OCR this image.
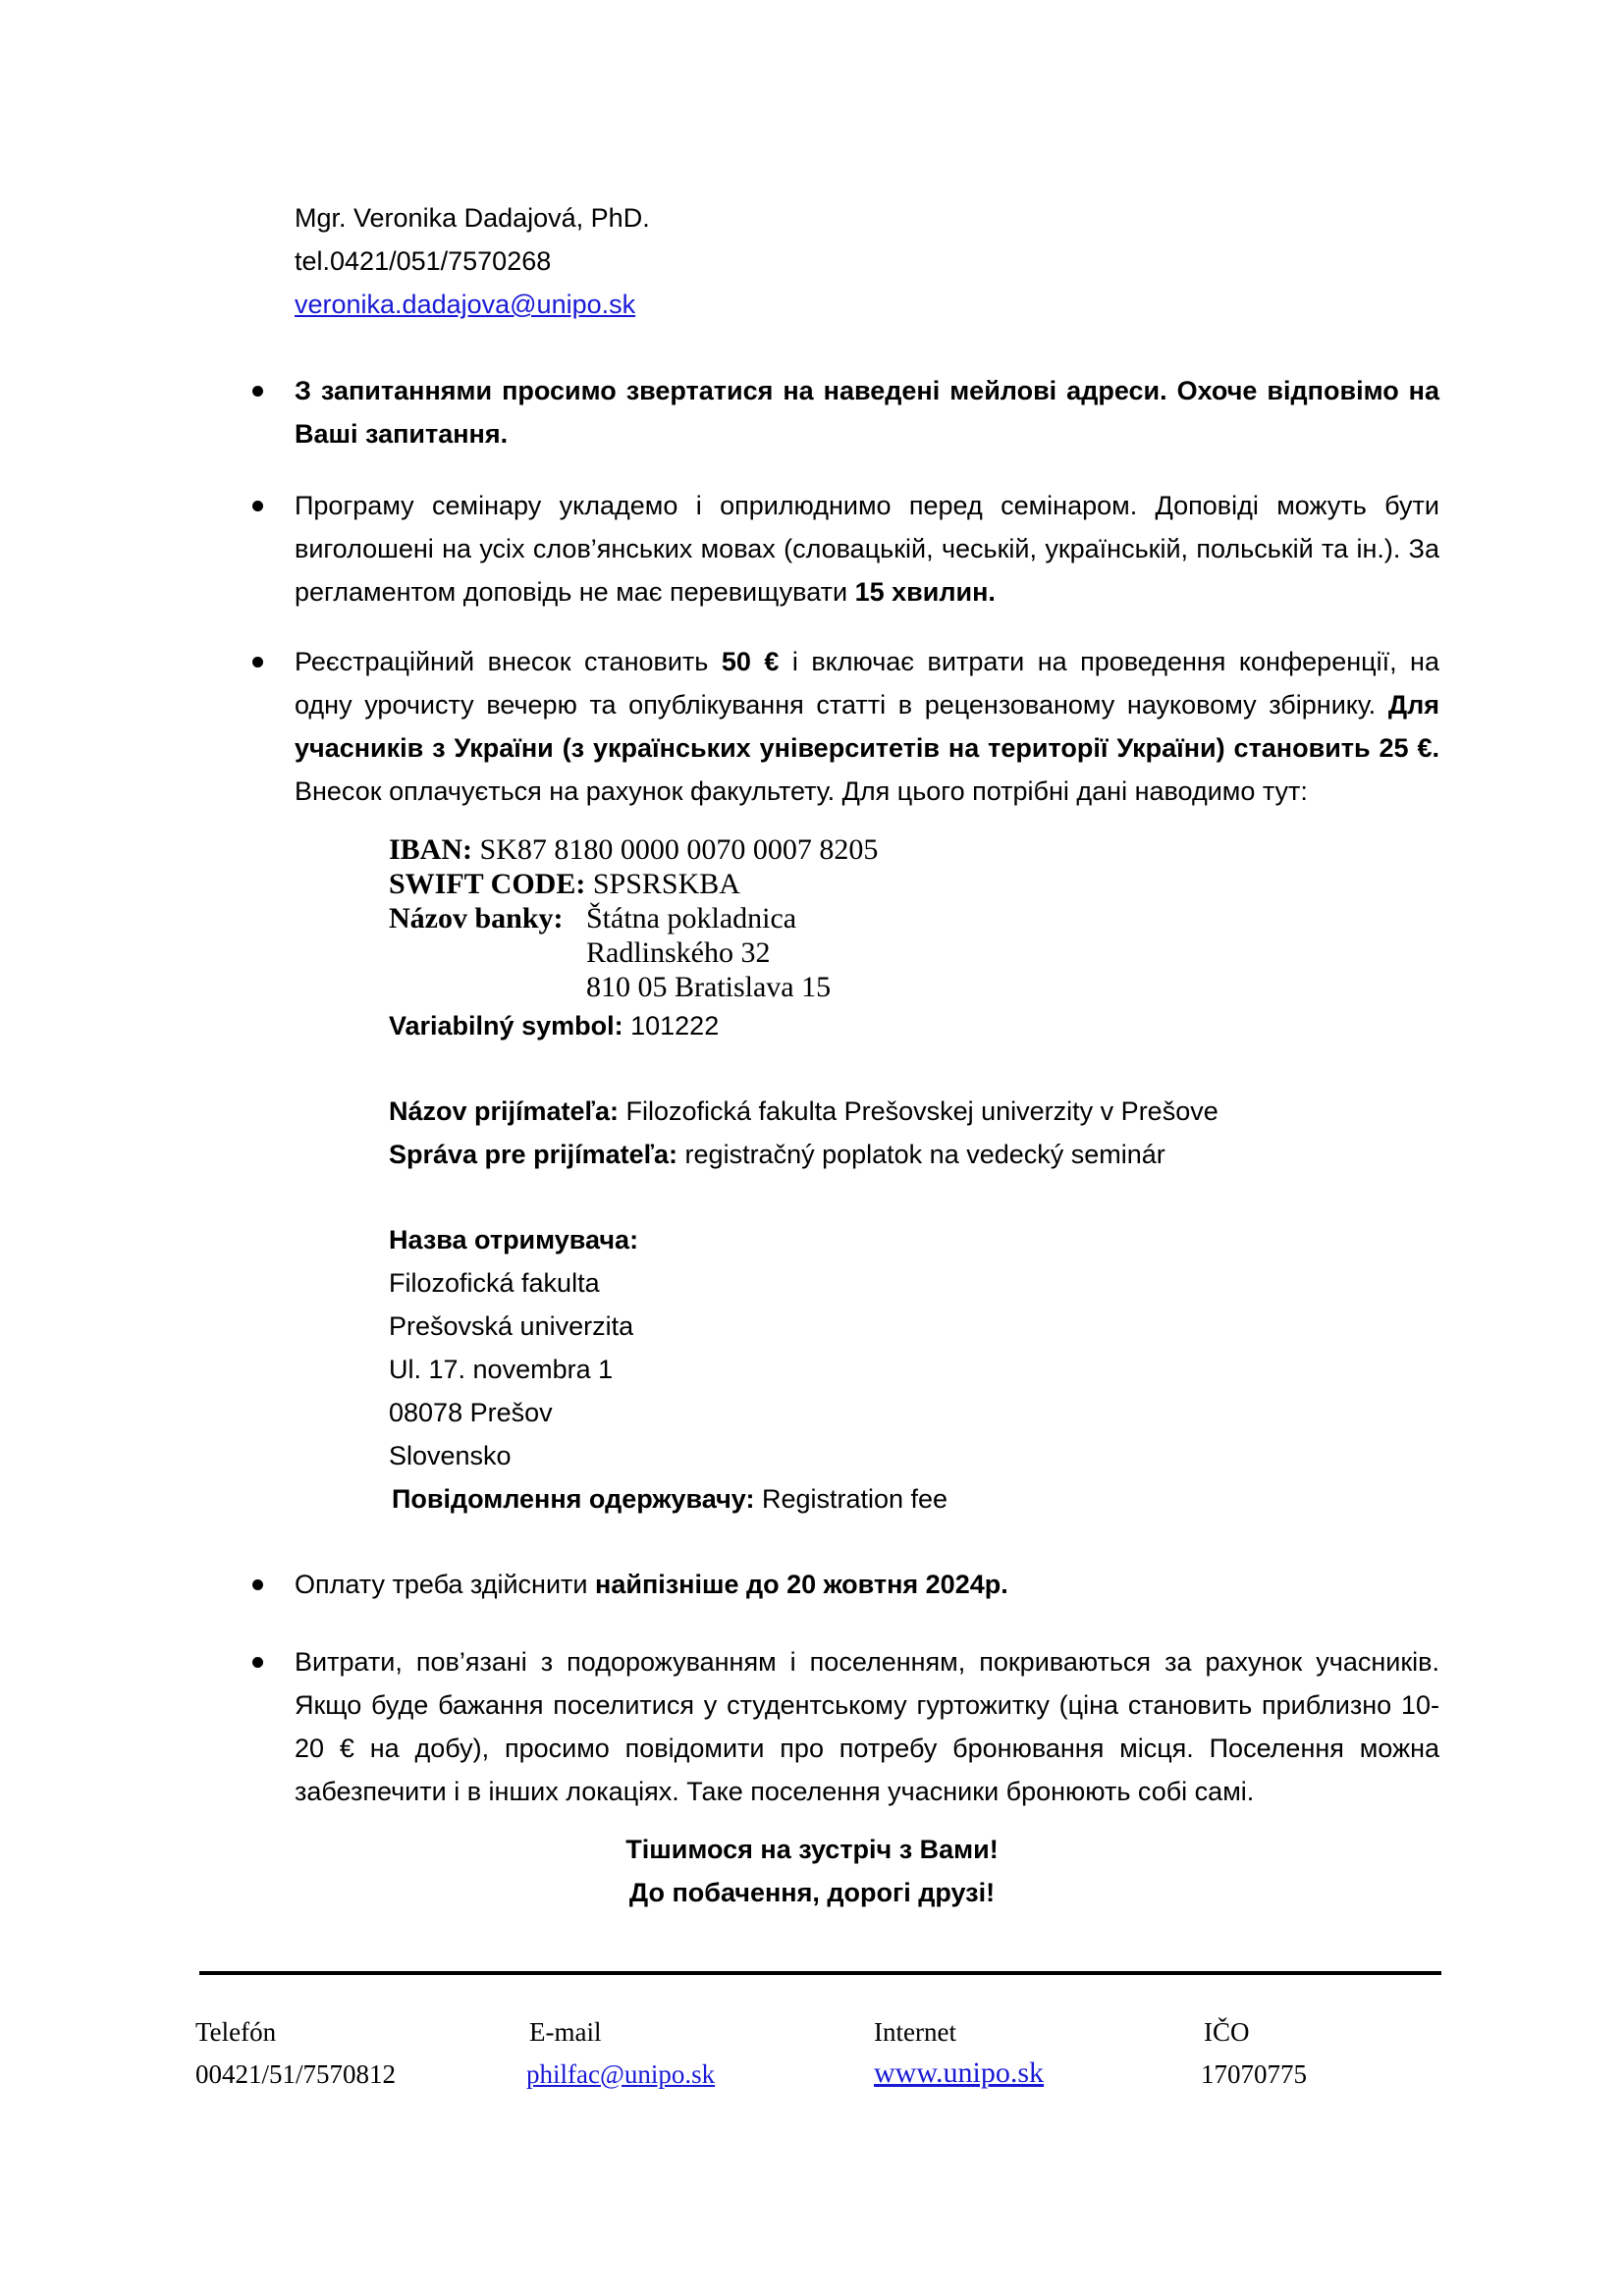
Mgr. Veronika Dadajová, PhD.
tel.0421/051/7570268
veronika.dadajova@unipo.sk
З запитаннями просимо звертатися на наведені мейлові адреси. Охоче відповімо на Ваші запитання.
Програму семінару укладемо і оприлюднимо перед семінаром. Доповіді можуть бути виголошені на усіх слов’янських мовах (словацькій, чеській, українській, польській та ін.). За регламентом доповідь не має перевищувати 15 хвилин.
Реєстраційний внесок становить 50 € і включає витрати на проведення конференції, на одну урочисту вечерю та опублікування статті в рецензованому науковому збірнику. Для учасників з України (з українських університетів на території України) становить 25 €. Внесок оплачується на рахунок факультету. Для цього потрібні дані наводимо тут:
IBAN: SK87 8180 0000 0070 0007 8205
SWIFT CODE: SPSRSKBA
Názov banky: Štátna pokladnica
Radlinského 32
810 05 Bratislava 15
Variabilný symbol: 101222
Názov prijímateľa: Filozofická fakulta Prešovskej univerzity v Prešove
Správa pre prijímateľa: registračný poplatok na vedecký seminár
Назва отримувача:
Filozofická fakulta
Prešovská univerzita
Ul. 17. novembra 1
08078 Prešov
Slovensko
Повідомлення одержувачу: Registration fee
Оплату треба здійснити найпізніше до 20 жовтня 2024р.
Витрати, пов’язані з подорожуванням і поселенням, покриваються за рахунок учасників. Якщо буде бажання поселитися у студентському гуртожитку (ціна становить приблизно 10-20 € на добу), просимо повідомити про потребу бронювання місця. Поселення можна забезпечити і в інших локаціях. Таке поселення учасники бронюють собі самі.
Тішимося на зустріч з Вами!
До побачення, дорогі друзі!
Telefón
00421/51/7570812
E-mail
philfac@unipo.sk
Internet
www.unipo.sk
IČO
17070775
